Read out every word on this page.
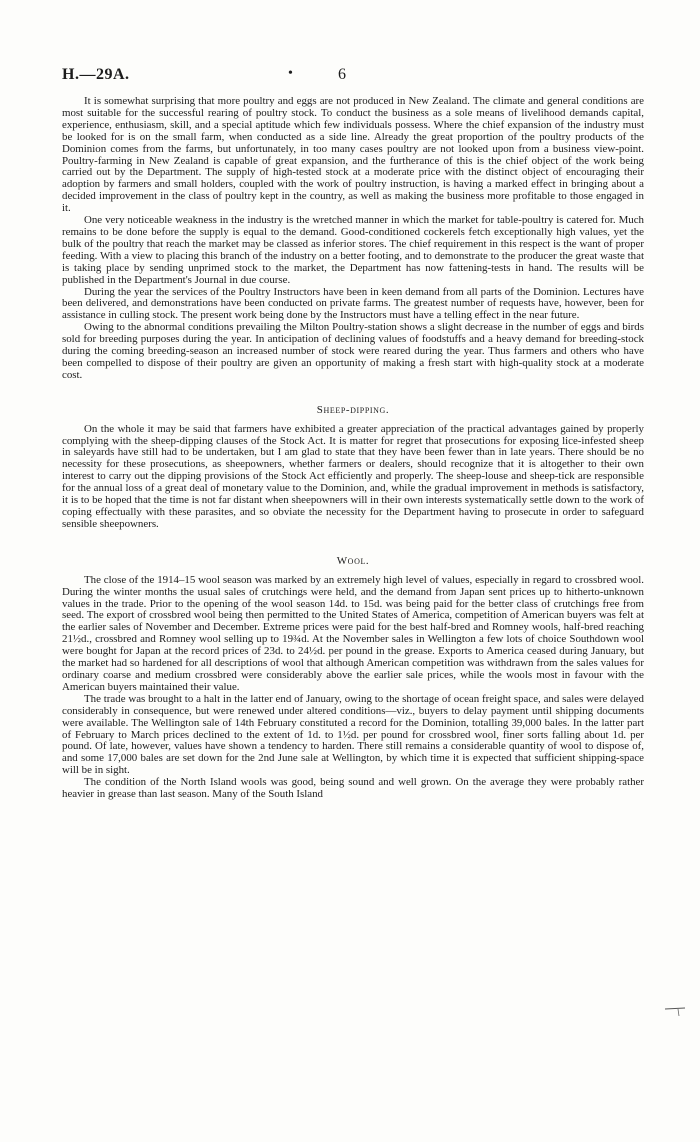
H.—29A.	•	6

It is somewhat surprising that more poultry and eggs are not produced in New Zealand. The climate and general conditions are most suitable for the successful rearing of poultry stock. To conduct the business as a sole means of livelihood demands capital, experience, enthusiasm, skill, and a special aptitude which few individuals possess. Where the chief expansion of the industry must be looked for is on the small farm, when conducted as a side line. Already the great proportion of the poultry products of the Dominion comes from the farms, but unfortunately, in too many cases poultry are not looked upon from a business view-point. Poultry-farming in New Zealand is capable of great expansion, and the furtherance of this is the chief object of the work being carried out by the Department. The supply of high-tested stock at a moderate price with the distinct object of encouraging their adoption by farmers and small holders, coupled with the work of poultry instruction, is having a marked effect in bringing about a decided improvement in the class of poultry kept in the country, as well as making the business more profitable to those engaged in it.

One very noticeable weakness in the industry is the wretched manner in which the market for table-poultry is catered for. Much remains to be done before the supply is equal to the demand. Good-conditioned cockerels fetch exceptionally high values, yet the bulk of the poultry that reach the market may be classed as inferior stores. The chief requirement in this respect is the want of proper feeding. With a view to placing this branch of the industry on a better footing, and to demonstrate to the producer the great waste that is taking place by sending unprimed stock to the market, the Department has now fattening-tests in hand. The results will be published in the Department's Journal in due course.

During the year the services of the Poultry Instructors have been in keen demand from all parts of the Dominion. Lectures have been delivered, and demonstrations have been conducted on private farms. The greatest number of requests have, however, been for assistance in culling stock. The present work being done by the Instructors must have a telling effect in the near future.

Owing to the abnormal conditions prevailing the Milton Poultry-station shows a slight decrease in the number of eggs and birds sold for breeding purposes during the year. In anticipation of declining values of foodstuffs and a heavy demand for breeding-stock during the coming breeding-season an increased number of stock were reared during the year. Thus farmers and others who have been compelled to dispose of their poultry are given an opportunity of making a fresh start with high-quality stock at a moderate cost.

Sheep-dipping.

On the whole it may be said that farmers have exhibited a greater appreciation of the practical advantages gained by properly complying with the sheep-dipping clauses of the Stock Act. It is matter for regret that prosecutions for exposing lice-infested sheep in saleyards have still had to be undertaken, but I am glad to state that they have been fewer than in late years. There should be no necessity for these prosecutions, as sheepowners, whether farmers or dealers, should recognize that it is altogether to their own interest to carry out the dipping provisions of the Stock Act efficiently and properly. The sheep-louse and sheep-tick are responsible for the annual loss of a great deal of monetary value to the Dominion, and, while the gradual improvement in methods is satisfactory, it is to be hoped that the time is not far distant when sheepowners will in their own interests systematically settle down to the work of coping effectually with these parasites, and so obviate the necessity for the Department having to prosecute in order to safeguard sensible sheepowners.

Wool.

The close of the 1914–15 wool season was marked by an extremely high level of values, especially in regard to crossbred wool. During the winter months the usual sales of crutchings were held, and the demand from Japan sent prices up to hitherto-unknown values in the trade. Prior to the opening of the wool season 14d. to 15d. was being paid for the better class of crutchings free from seed. The export of crossbred wool being then permitted to the United States of America, competition of American buyers was felt at the earlier sales of November and December. Extreme prices were paid for the best half-bred and Romney wools, half-bred reaching 21½d., crossbred and Romney wool selling up to 19¾d. At the November sales in Wellington a few lots of choice Southdown wool were bought for Japan at the record prices of 23d. to 24½d. per pound in the grease. Exports to America ceased during January, but the market had so hardened for all descriptions of wool that although American competition was withdrawn from the sales values for ordinary coarse and medium crossbred were considerably above the earlier sale prices, while the wools most in favour with the American buyers maintained their value.

The trade was brought to a halt in the latter end of January, owing to the shortage of ocean freight space, and sales were delayed considerably in consequence, but were renewed under altered conditions—viz., buyers to delay payment until shipping documents were available. The Wellington sale of 14th February constituted a record for the Dominion, totalling 39,000 bales. In the latter part of February to March prices declined to the extent of 1d. to 1½d. per pound for crossbred wool, finer sorts falling about 1d. per pound. Of late, however, values have shown a tendency to harden. There still remains a considerable quantity of wool to dispose of, and some 17,000 bales are set down for the 2nd June sale at Wellington, by which time it is expected that sufficient shipping-space will be in sight.

The condition of the North Island wools was good, being sound and well grown. On the average they were probably rather heavier in grease than last season. Many of the South Island
